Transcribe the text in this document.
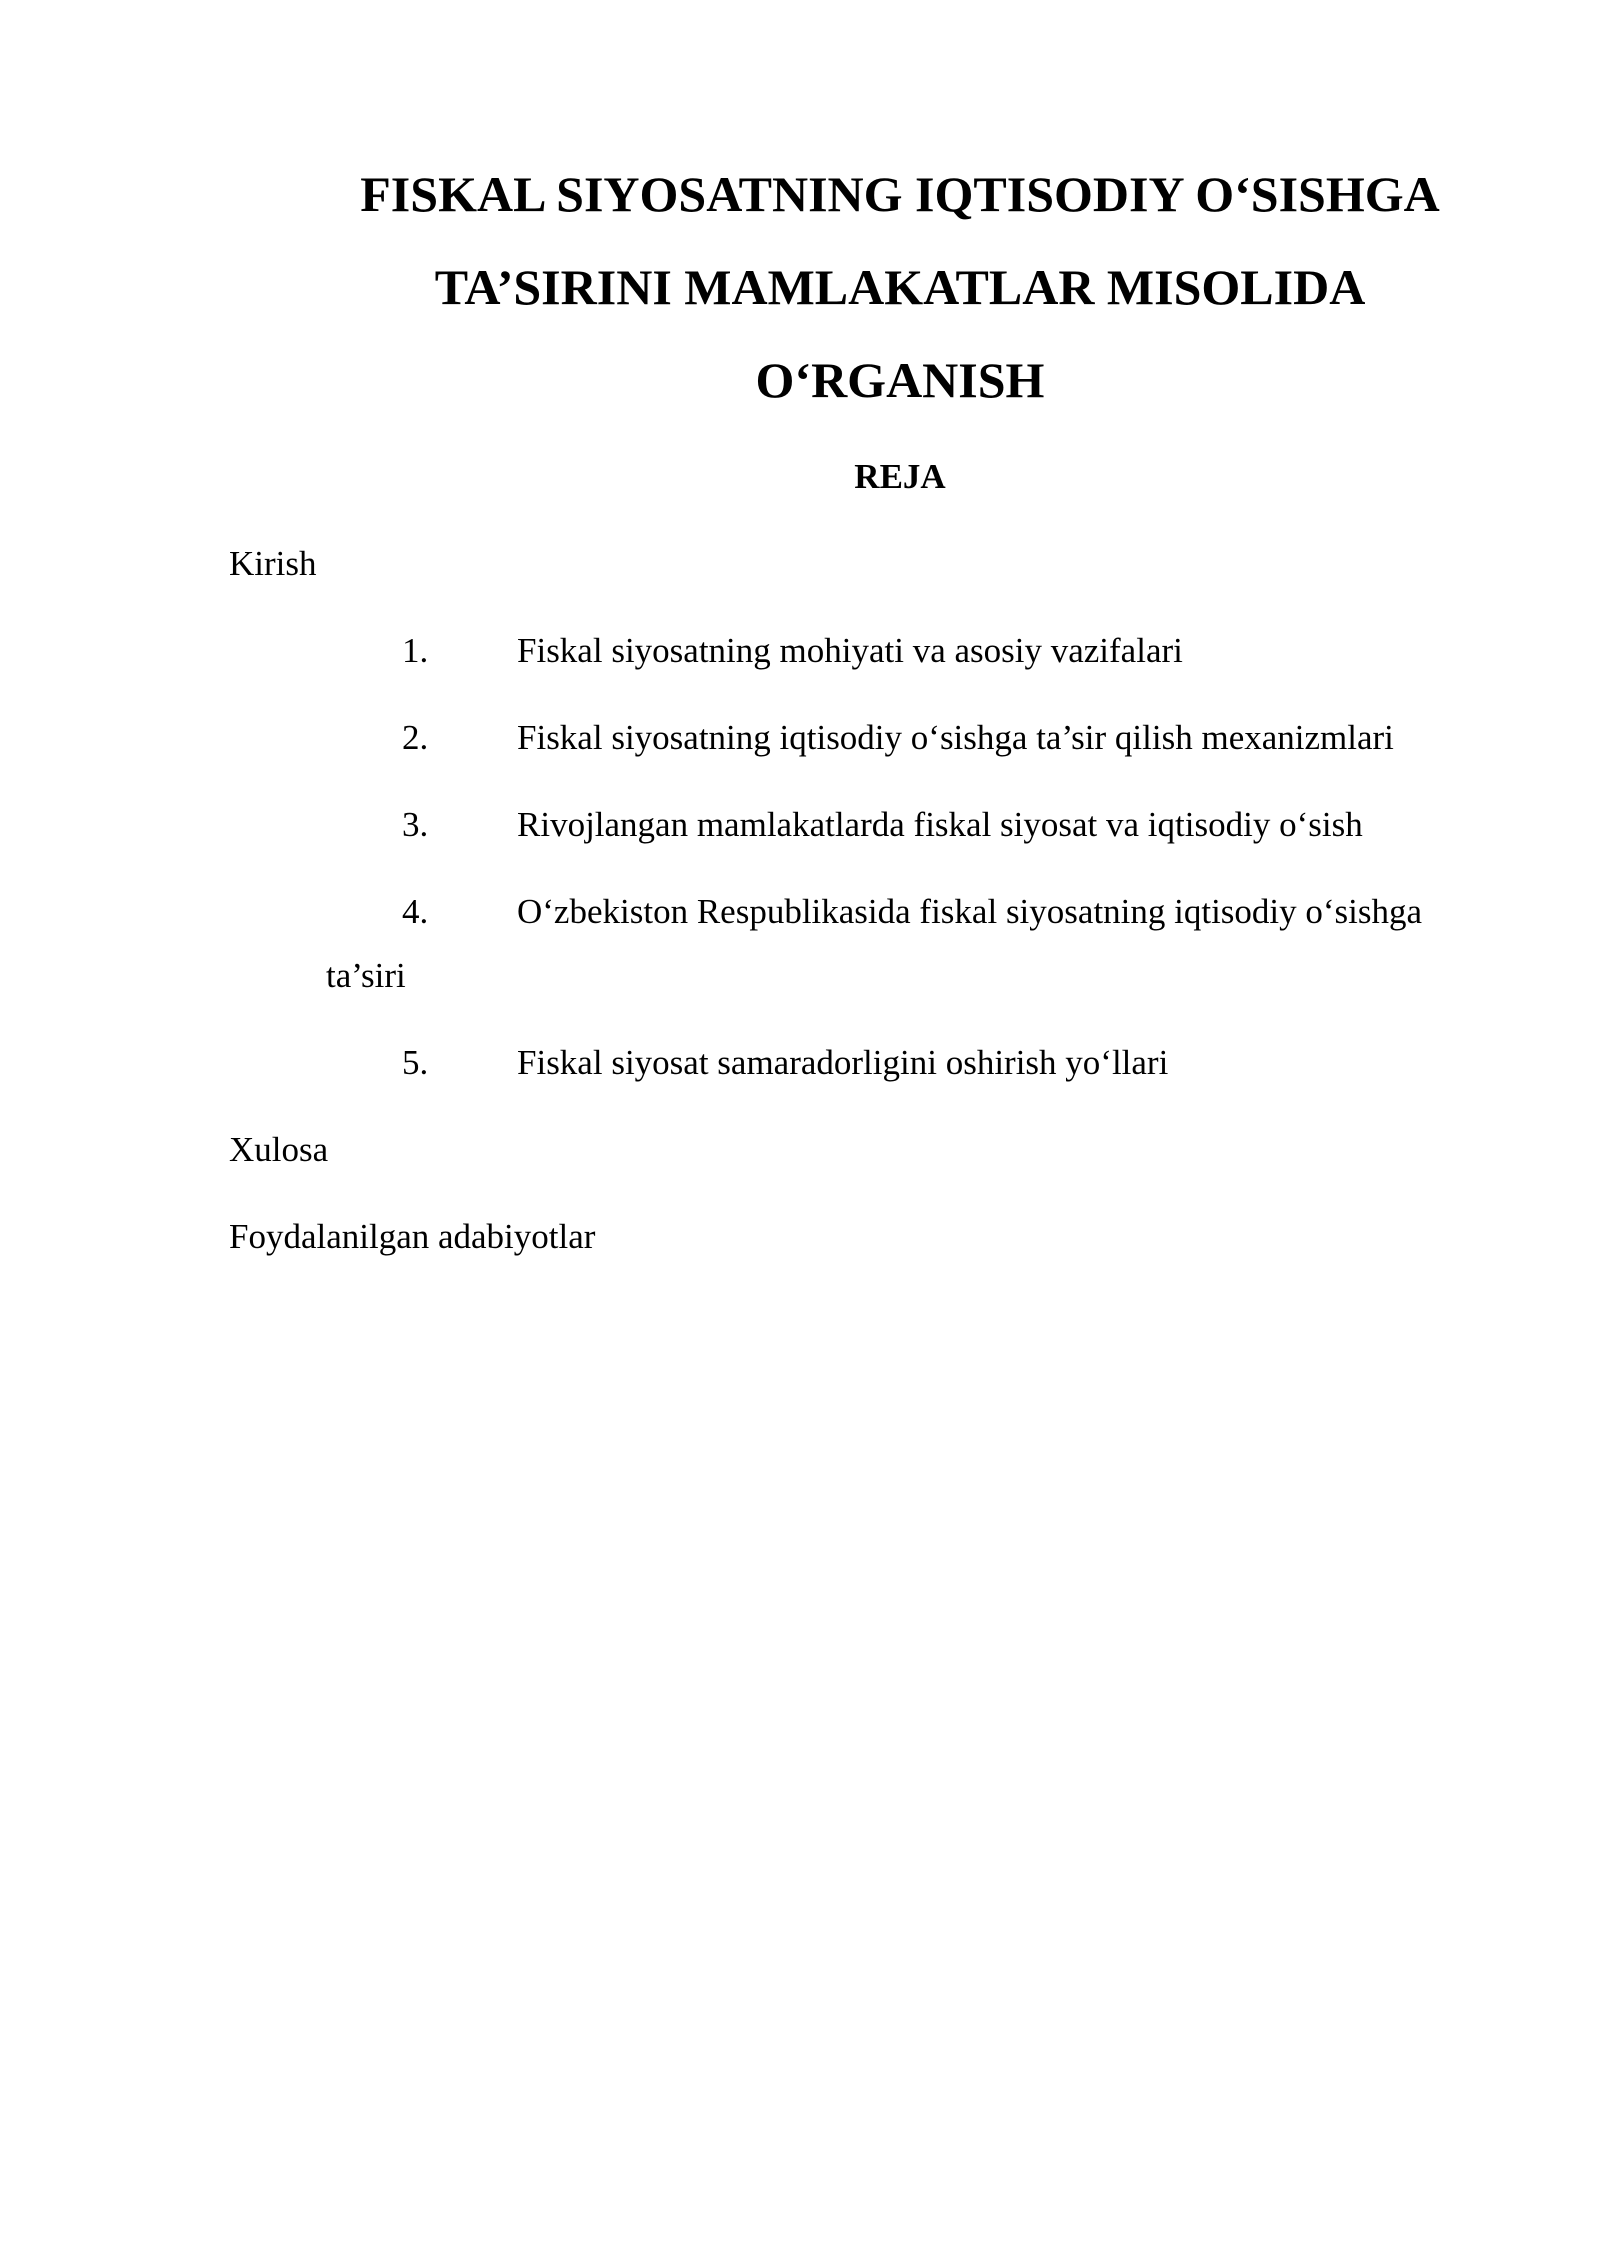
FISKAL SIYOSATNING IQTISODIY O‘SISHGA
TA’SIRINI MAMLAKATLAR MISOLIDA
O‘RGANISH
REJA

Kirish

1.	Fiskal siyosatning mohiyati va asosiy vazifalari
2.	Fiskal siyosatning iqtisodiy o‘sishga ta’sir qilish mexanizmlari
3.	Rivojlangan mamlakatlarda fiskal siyosat va iqtisodiy o‘sish
4.	O‘zbekiston Respublikasida fiskal siyosatning iqtisodiy o‘sishga
ta’siri
5.	Fiskal siyosat samaradorligini oshirish yo‘llari

Xulosa

Foydalanilgan adabiyotlar
